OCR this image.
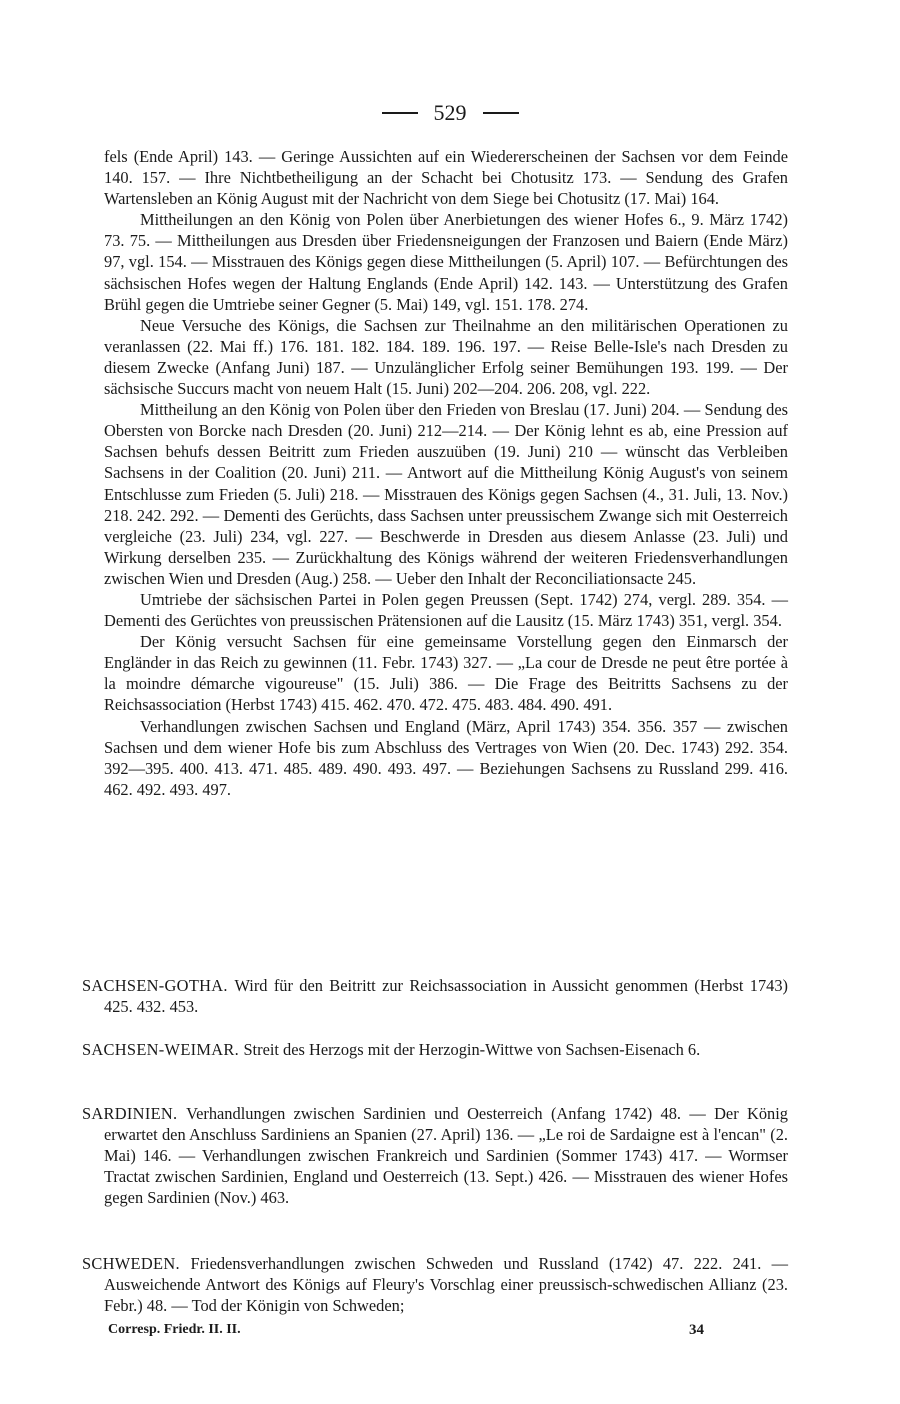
529

fels (Ende April) 143. — Geringe Aussichten auf ein Wiedererscheinen der Sachsen vor dem Feinde 140. 157. — Ihre Nichtbetheiligung an der Schacht bei Chotusitz 173. — Sendung des Grafen Wartensleben an König August mit der Nachricht von dem Siege bei Chotusitz (17. Mai) 164.

Mittheilungen an den König von Polen über Anerbietungen des wiener Hofes 6., 9. März 1742) 73. 75. — Mittheilungen aus Dresden über Friedensneigungen der Franzosen und Baiern (Ende März) 97, vgl. 154. — Misstrauen des Königs gegen diese Mittheilungen (5. April) 107. — Befürchtungen des sächsischen Hofes wegen der Haltung Englands (Ende April) 142. 143. — Unterstützung des Grafen Brühl gegen die Umtriebe seiner Gegner (5. Mai) 149, vgl. 151. 178. 274.

Neue Versuche des Königs, die Sachsen zur Theilnahme an den militärischen Operationen zu veranlassen (22. Mai ff.) 176. 181. 182. 184. 189. 196. 197. — Reise Belle-Isle's nach Dresden zu diesem Zwecke (Anfang Juni) 187. — Unzulänglicher Erfolg seiner Bemühungen 193. 199. — Der sächsische Succurs macht von neuem Halt (15. Juni) 202—204. 206. 208, vgl. 222.

Mittheilung an den König von Polen über den Frieden von Breslau (17. Juni) 204. — Sendung des Obersten von Borcke nach Dresden (20. Juni) 212—214. — Der König lehnt es ab, eine Pression auf Sachsen behufs dessen Beitritt zum Frieden auszuüben (19. Juni) 210 — wünscht das Verbleiben Sachsens in der Coalition (20. Juni) 211. — Antwort auf die Mittheilung König August's von seinem Entschlusse zum Frieden (5. Juli) 218. — Misstrauen des Königs gegen Sachsen (4., 31. Juli, 13. Nov.) 218. 242. 292. — Dementi des Gerüchts, dass Sachsen unter preussischem Zwange sich mit Oesterreich vergleiche (23. Juli) 234, vgl. 227. — Beschwerde in Dresden aus diesem Anlasse (23. Juli) und Wirkung derselben 235. — Zurückhaltung des Königs während der weiteren Friedensverhandlungen zwischen Wien und Dresden (Aug.) 258. — Ueber den Inhalt der Reconciliationsacte 245.

Umtriebe der sächsischen Partei in Polen gegen Preussen (Sept. 1742) 274, vergl. 289. 354. — Dementi des Gerüchtes von preussischen Prätensionen auf die Lausitz (15. März 1743) 351, vergl. 354.

Der König versucht Sachsen für eine gemeinsame Vorstellung gegen den Einmarsch der Engländer in das Reich zu gewinnen (11. Febr. 1743) 327. — „La cour de Dresde ne peut être portée à la moindre démarche vigoureuse" (15. Juli) 386. — Die Frage des Beitritts Sachsens zu der Reichsassociation (Herbst 1743) 415. 462. 470. 472. 475. 483. 484. 490. 491.

Verhandlungen zwischen Sachsen und England (März, April 1743) 354. 356. 357 — zwischen Sachsen und dem wiener Hofe bis zum Abschluss des Vertrages von Wien (20. Dec. 1743) 292. 354. 392—395. 400. 413. 471. 485. 489. 490. 493. 497. — Beziehungen Sachsens zu Russland 299. 416. 462. 492. 493. 497.

SACHSEN-GOTHA. Wird für den Beitritt zur Reichsassociation in Aussicht genommen (Herbst 1743) 425. 432. 453.
SACHSEN-WEIMAR. Streit des Herzogs mit der Herzogin-Wittwe von Sachsen-Eisenach 6.
SARDINIEN. Verhandlungen zwischen Sardinien und Oesterreich (Anfang 1742) 48. — Der König erwartet den Anschluss Sardiniens an Spanien (27. April) 136. — „Le roi de Sardaigne est à l'encan" (2. Mai) 146. — Verhandlungen zwischen Frankreich und Sardinien (Sommer 1743) 417. — Wormser Tractat zwischen Sardinien, England und Oesterreich (13. Sept.) 426. — Misstrauen des wiener Hofes gegen Sardinien (Nov.) 463.
SCHWEDEN. Friedensverhandlungen zwischen Schweden und Russland (1742) 47. 222. 241. — Ausweichende Antwort des Königs auf Fleury's Vorschlag einer preussisch-schwedischen Allianz (23. Febr.) 48. — Tod der Königin von Schweden;
Corresp. Friedr. II. II.	34
